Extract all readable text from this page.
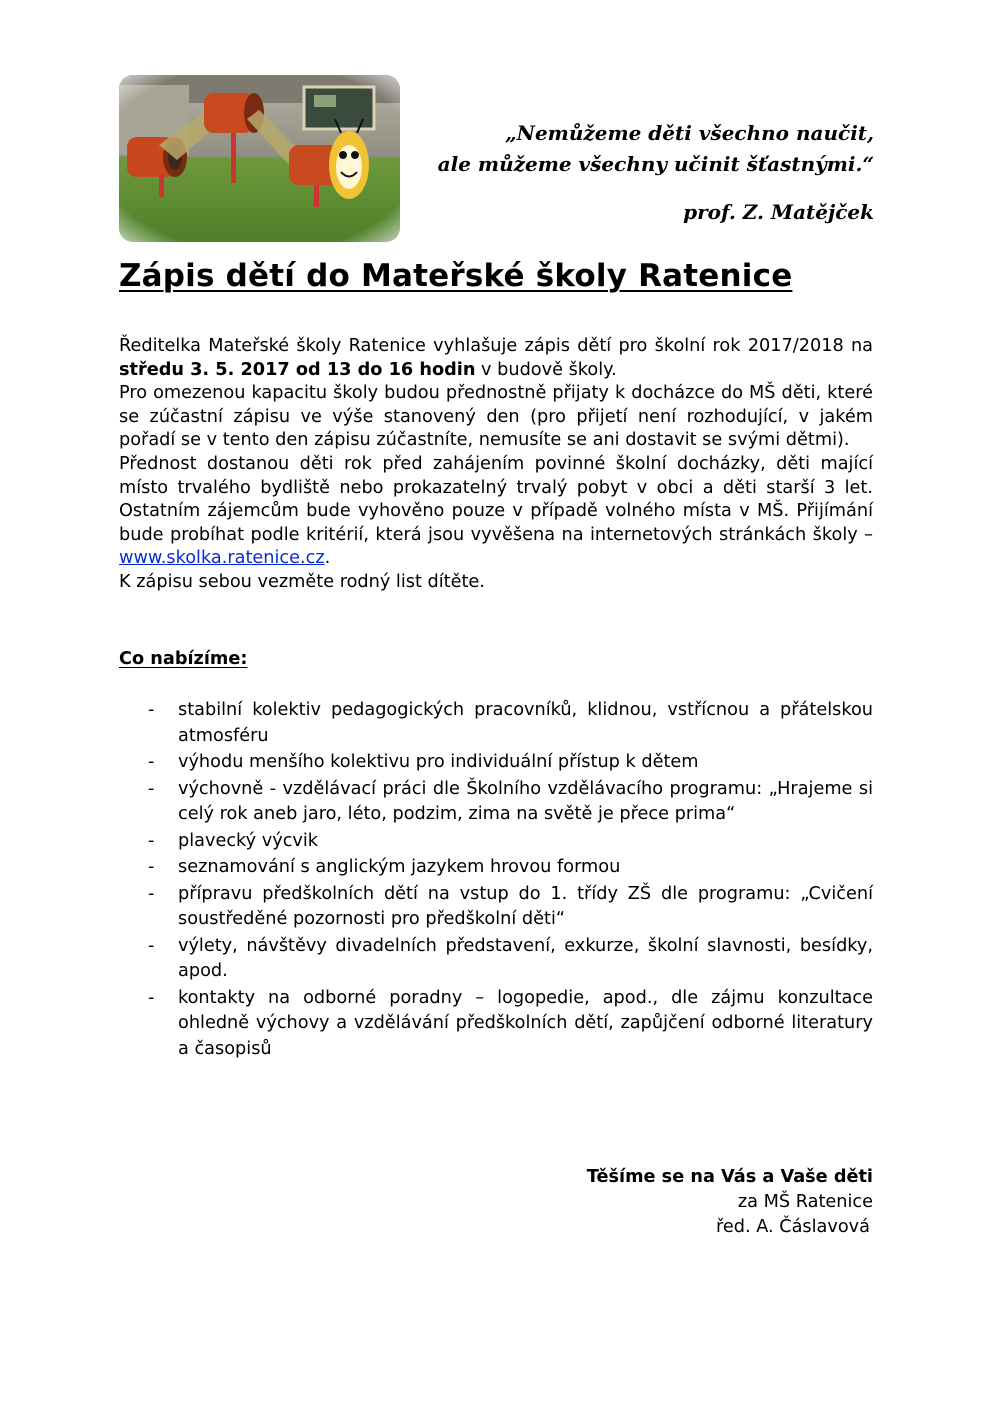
„Nemůžeme děti všechno naučit,
ale můžeme všechny učinit šťastnými.“
prof. Z. Matějček
Zápis dětí do Mateřské školy Ratenice

Ředitelka Mateřské školy Ratenice vyhlašuje zápis dětí pro školní rok 2017/2018 na středu 3. 5. 2017 od 13 do 16 hodin v budově školy.

Pro omezenou kapacitu školy budou přednostně přijaty k docházce do MŠ děti, které se zúčastní zápisu ve výše stanovený den (pro přijetí není rozhodující, v jakém pořadí se v tento den zápisu zúčastníte, nemusíte se ani dostavit se svými dětmi).

Přednost dostanou děti rok před zahájením povinné školní docházky, děti mající místo trvalého bydliště nebo prokazatelný trvalý pobyt v obci a děti starší 3 let. Ostatním zájemcům bude vyhověno pouze v případě volného místa v MŠ. Přijímání bude probíhat podle kritérií, která jsou vyvěšena na internetových stránkách školy – www.skolka.ratenice.cz.

K zápisu sebou vezměte rodný list dítěte.

Co nabízíme:
- stabilní kolektiv pedagogických pracovníků, klidnou, vstřícnou a přátelskou atmosféru
- výhodu menšího kolektivu pro individuální přístup k dětem
- výchovně - vzdělávací práci dle Školního vzdělávacího programu: „Hrajeme si celý rok aneb jaro, léto, podzim, zima na světě je přece prima“
- plavecký výcvik
- seznamování s anglickým jazykem hrovou formou
- přípravu předškolních dětí na vstup do 1. třídy ZŠ dle programu: „Cvičení soustředěné pozornosti pro předškolní děti“
- výlety, návštěvy divadelních představení, exkurze, školní slavnosti, besídky, apod.
- kontakty na odborné poradny – logopedie, apod., dle zájmu konzultace ohledně výchovy a vzdělávání předškolních dětí, zapůjčení odborné literatury a časopisů
Těšíme se na Vás a Vaše děti
za MŠ Ratenice
řed. A. Čáslavová
